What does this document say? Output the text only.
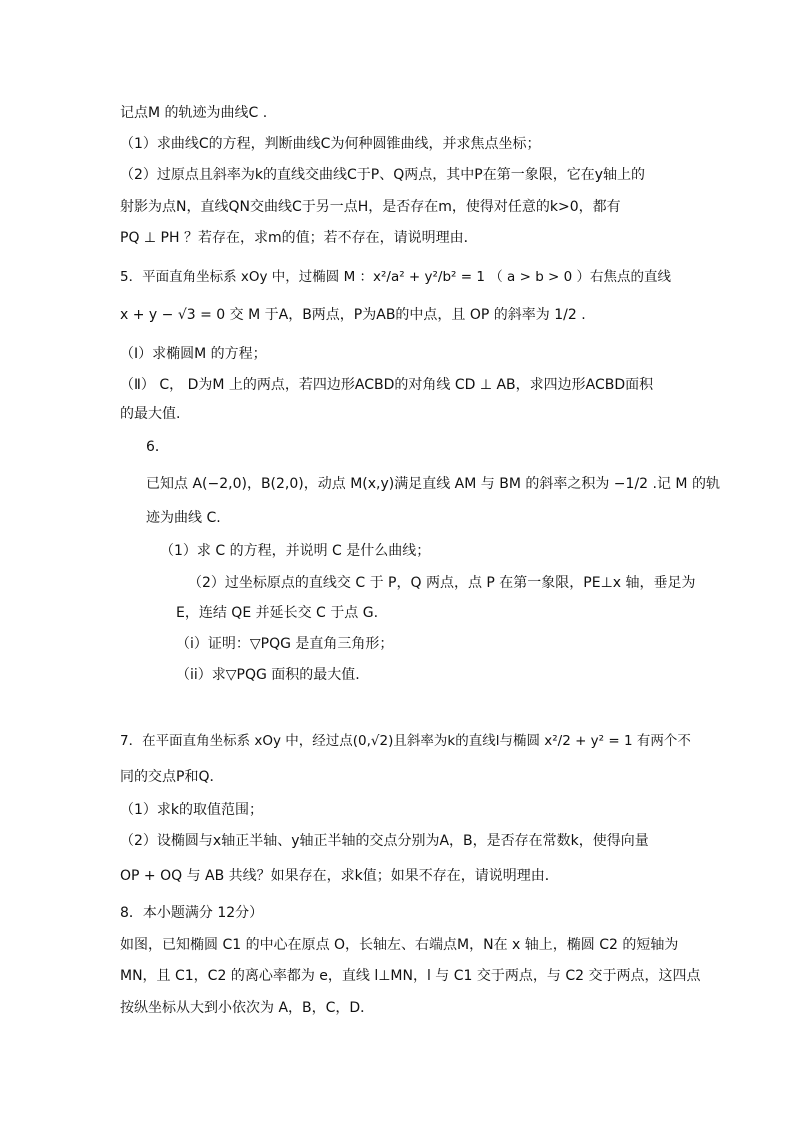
记点M 的轨迹为曲线C .
（1）求曲线C的方程，判断曲线C为何种圆锥曲线，并求焦点坐标；
（2）过原点且斜率为k的直线交曲线C于P、Q两点，其中P在第一象限，它在y轴上的
射影为点N，直线QN交曲线C于另一点H，是否存在m，使得对任意的k>0，都有
PQ ⊥ PH ？若存在，求m的值；若不存在，请说明理由．
5．平面直角坐标系 xOy 中，过椭圆 M ：x²/a² + y²/b² = 1 （ a > b > 0 ）右焦点的直线
x + y − √3 = 0 交 M 于A，B两点，P为AB的中点，且 OP 的斜率为 1/2 .
（Ⅰ）求椭圆M 的方程；
（Ⅱ） C， D为M 上的两点，若四边形ACBD的对角线 CD ⊥ AB，求四边形ACBD面积
的最大值.
6．
已知点 A(−2,0)，B(2,0)，动点 M(x,y)满足直线 AM 与 BM 的斜率之积为 −1/2 .记 M 的轨
迹为曲线 C.
（1）求 C 的方程，并说明 C 是什么曲线；
（2）过坐标原点的直线交 C 于 P，Q 两点，点 P 在第一象限，PE⊥x 轴，垂足为
E，连结 QE 并延长交 C 于点 G.
（i）证明：▽PQG 是直角三角形；
（ii）求▽PQG 面积的最大值.
7．在平面直角坐标系 xOy 中，经过点(0,√2)且斜率为k的直线l与椭圆 x²/2 + y² = 1 有两个不
同的交点P和Q．
（1）求k的取值范围；
（2）设椭圆与x轴正半轴、y轴正半轴的交点分别为A，B，是否存在常数k，使得向量
OP + OQ 与 AB 共线？如果存在，求k值；如果不存在，请说明理由．
8．本小题满分 12分）
如图，已知椭圆 C1 的中心在原点 O，长轴左、右端点M，N在 x 轴上，椭圆 C2 的短轴为
MN，且 C1，C2 的离心率都为 e，直线 l⊥MN，l 与 C1 交于两点，与 C2 交于两点，这四点
按纵坐标从大到小依次为 A，B，C，D．
